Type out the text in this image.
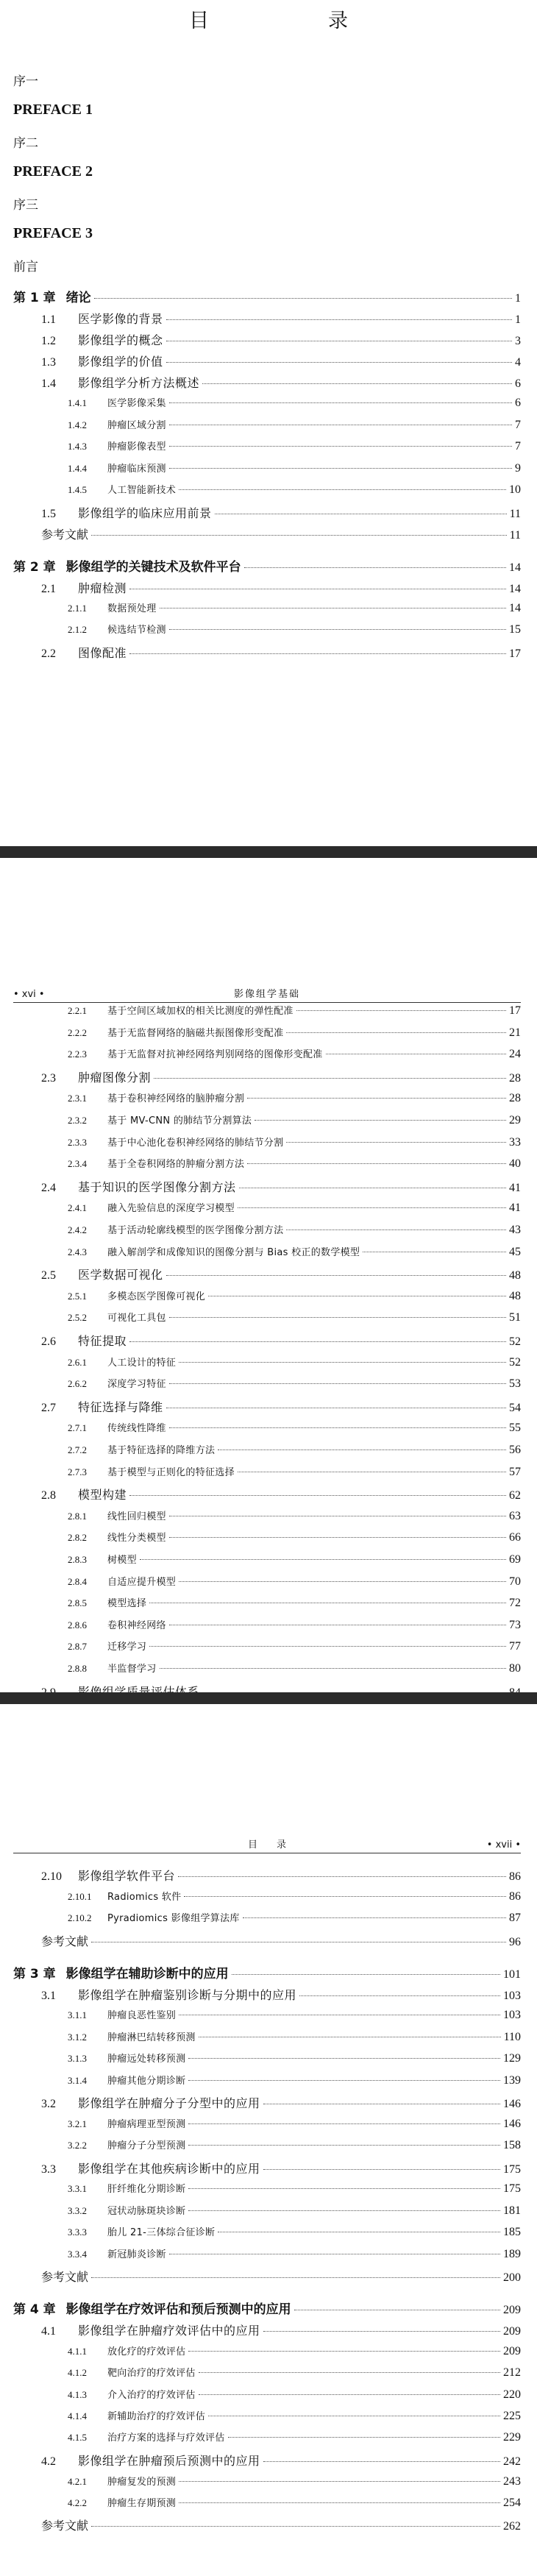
目　　录
序一
PREFACE 1
序二
PREFACE 2
序三
PREFACE 3
前言
第 1 章 绪论	1
1.1	医学影像的背景	1
1.2	影像组学的概念	3
1.3	影像组学的价值	4
1.4	影像组学分析方法概述	6
1.4.1	医学影像采集	6
1.4.2	肿瘤区域分割	7
1.4.3	肿瘤影像表型	7
1.4.4	肿瘤临床预测	9
1.4.5	人工智能新技术	10
1.5	影像组学的临床应用前景	11
参考文献	11
第 2 章 影像组学的关键技术及软件平台	14
2.1	肿瘤检测	14
2.1.1	数据预处理	14
2.1.2	候选结节检测	15
2.2	图像配准	17
• xvi •	影像组学基础
2.2.1	基于空间区域加权的相关比测度的弹性配准	17
2.2.2	基于无监督网络的脑磁共振图像形变配准	21
2.2.3	基于无监督对抗神经网络判别网络的图像形变配准	24
2.3	肿瘤图像分割	28
2.3.1	基于卷积神经网络的脑肿瘤分割	28
2.3.2	基于 MV-CNN 的肺结节分割算法	29
2.3.3	基于中心池化卷积神经网络的肺结节分割	33
2.3.4	基于全卷积网络的肿瘤分割方法	40
2.4	基于知识的医学图像分割方法	41
2.4.1	融入先验信息的深度学习模型	41
2.4.2	基于活动轮廓线模型的医学图像分割方法	43
2.4.3	融入解剖学和成像知识的图像分割与 Bias 校正的数学模型	45
2.5	医学数据可视化	48
2.5.1	多模态医学图像可视化	48
2.5.2	可视化工具包	51
2.6	特征提取	52
2.6.1	人工设计的特征	52
2.6.2	深度学习特征	53
2.7	特征选择与降维	54
2.7.1	传统线性降维	55
2.7.2	基于特征选择的降维方法	56
2.7.3	基于模型与正则化的特征选择	57
2.8	模型构建	62
2.8.1	线性回归模型	63
2.8.2	线性分类模型	66
2.8.3	树模型	69
2.8.4	自适应提升模型	70
2.8.5	模型选择	72
2.8.6	卷积神经网络	73
2.8.7	迁移学习	77
2.8.8	半监督学习	80
目　　录	• xvii •
2.10	影像组学软件平台	86
2.10.1	Radiomics 软件	86
2.10.2	Pyradiomics 影像组学算法库	87
参考文献	96
第 3 章 影像组学在辅助诊断中的应用	101
3.1	影像组学在肿瘤鉴别诊断与分期中的应用	103
3.1.1	肿瘤良恶性鉴别	103
3.1.2	肿瘤淋巴结转移预测	110
3.1.3	肿瘤远处转移预测	129
3.1.4	肿瘤其他分期诊断	139
3.2	影像组学在肿瘤分子分型中的应用	146
3.2.1	肿瘤病理亚型预测	146
3.2.2	肿瘤分子分型预测	158
3.3	影像组学在其他疾病诊断中的应用	175
3.3.1	肝纤维化分期诊断	175
3.3.2	冠状动脉斑块诊断	181
3.3.3	胎儿 21-三体综合征诊断	185
3.3.4	新冠肺炎诊断	189
参考文献	200
第 4 章 影像组学在疗效评估和预后预测中的应用	209
4.1	影像组学在肿瘤疗效评估中的应用	209
4.1.1	放化疗的疗效评估	209
4.1.2	靶向治疗的疗效评估	212
4.1.3	介入治疗的疗效评估	220
4.1.4	新辅助治疗的疗效评估	225
4.1.5	治疗方案的选择与疗效评估	229
4.2	影像组学在肿瘤预后预测中的应用	242
4.2.1	肿瘤复发的预测	243
4.2.2	肿瘤生存期预测	254
参考文献	262
